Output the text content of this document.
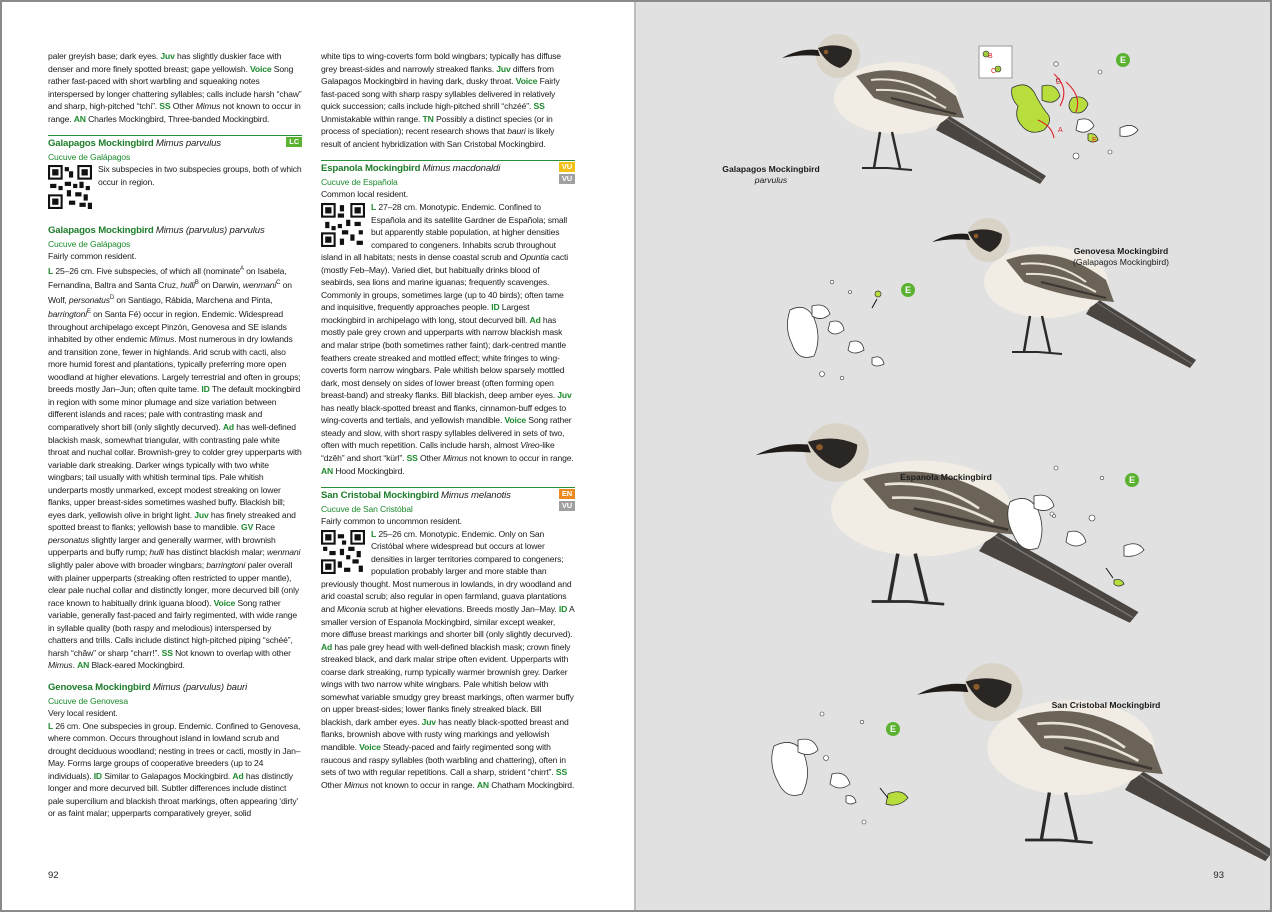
paler greyish base; dark eyes. Juv has slightly duskier face with denser and more finely spotted breast; gape yellowish. Voice Song rather fast-paced with short warbling and squeaking notes interspersed by longer chattering syllables; calls include harsh “chaw” and sharp, high-pitched “tchi”. SS Other Mimus not known to occur in range. AN Charles Mockingbird, Three-banded Mockingbird.

Galapagos Mockingbird Mimus parvulus	LC

Cucuve de Galápagos

Six subspecies in two subspecies groups, both of which occur in region.

Galapagos Mockingbird Mimus (parvulus) parvulus

Cucuve de Galápagos

Fairly common resident.

L 25–26 cm. Five subspecies, of which all (nominate$^A$ on Isabela, Fernandina, Baltra and Santa Cruz, hulli$^B$ on Darwin, wenmani$^C$ on Wolf, personatus$^D$ on Santiago, Rábida, Marchena and Pinta, barringtoni$^E$ on Santa Fé) occur in region. Endemic. Widespread throughout archipelago except Pinzón, Genovesa and SE islands inhabited by other endemic Mimus. Most numerous in dry lowlands and transition zone, fewer in highlands. Arid scrub with cacti, also more humid forest and plantations, typically preferring more open woodland at higher elevations. Largely terrestrial and often in groups; breeds mostly Jan–Jun; often quite tame. ID The default mockingbird in region with some minor plumage and size variation between different islands and races; pale with contrasting mask and comparatively short bill (only slightly decurved). Ad has well-defined blackish mask, somewhat triangular, with contrasting pale white throat and nuchal collar. Brownish-grey to colder grey upperparts with variable dark streaking. Darker wings typically with two white wingbars; tail usually with whitish terminal tips. Pale whitish underparts mostly unmarked, except modest streaking on lower flanks, upper breast-sides sometimes washed buffy. Blackish bill; eyes dark, yellowish olive in bright light. Juv has finely streaked and spotted breast to flanks; yellowish base to mandible. GV Race personatus slightly larger and generally warmer, with brownish upperparts and buffy rump; hulli has distinct blackish malar; wenmani slightly paler above with broader wingbars; barringtoni paler overall with plainer upperparts (streaking often restricted to upper mantle), clear pale nuchal collar and distinctly longer, more decurved bill (only race known to habitually drink iguana blood). Voice Song rather variable, generally fast-paced and fairly regimented, with wide range in syllable quality (both raspy and melodious) interspersed by chatters and trills. Calls include distinct high-pitched piping “schéé”, harsh “chăw” or sharp “charr!”. SS Not known to overlap with other Mimus. AN Black-eared Mockingbird.

Genovesa Mockingbird Mimus (parvulus) bauri

Cucuve de Genovesa

Very local resident.

L 26 cm. One subspecies in group. Endemic. Confined to Genovesa, where common. Occurs throughout island in lowland scrub and drought deciduous woodland; nesting in trees or cacti, mostly in Jan–May. Forms large groups of cooperative breeders (up to 24 individuals). ID Similar to Galapagos Mockingbird. Ad has distinctly longer and more decurved bill. Subtler differences include distinct pale supercilium and blackish throat markings, often appearing ‘dirty’ or as faint malar; upperparts comparatively greyer, solid

white tips to wing-coverts form bold wingbars; typically has diffuse grey breast-sides and narrowly streaked flanks. Juv differs from Galapagos Mockingbird in having dark, dusky throat. Voice Fairly fast-paced song with sharp raspy syllables delivered in relatively quick succession; calls include high-pitched shrill “chzéé”. SS Unmistakable within range. TN Possibly a distinct species (or in process of speciation); recent research shows that bauri is likely result of ancient hybridization with San Cristobal Mockingbird.

Espanola Mockingbird Mimus macdonaldi	VU
VU

Cucuve de Española

Common local resident.

L 27–28 cm. Monotypic. Endemic. Confined to Española and its satellite Gardner de Española; small but apparently stable population, at higher densities compared to congeners. Inhabits scrub throughout island in all habitats; nests in dense coastal scrub and Opuntia cacti (mostly Feb–May). Varied diet, but habitually drinks blood of seabirds, sea lions and marine iguanas; frequently scavenges. Commonly in groups, sometimes large (up to 40 birds); often tame and inquisitive, frequently approaches people. ID Largest mockingbird in archipelago with long, stout decurved bill. Ad has mostly pale grey crown and upperparts with narrow blackish mask and malar stripe (both sometimes rather faint); dark-centred mantle feathers create streaked and mottled effect; white fringes to wing-coverts form narrow wingbars. Pale whitish below sparsely mottled dark, most densely on sides of lower breast (often forming open breast-band) and streaky flanks. Bill blackish, deep amber eyes. Juv has neatly black-spotted breast and flanks, cinnamon-buff edges to wing-coverts and tertials, and yellowish mandible. Voice Song rather steady and slow, with short raspy syllables delivered in sets of two, often with much repetition. Calls include harsh, almost Vireo-like “dzěh” and short “kürl”. SS Other Mimus not known to occur in range. AN Hood Mockingbird.

San Cristobal Mockingbird Mimus melanotis	EN
VU

Cucuve de San Cristóbal

Fairly common to uncommon resident.

L 25–26 cm. Monotypic. Endemic. Only on San Cristóbal where widespread but occurs at lower densities in larger territories compared to congeners; population probably larger and more stable than previously thought. Most numerous in lowlands, in dry woodland and arid coastal scrub; also regular in open farmland, guava plantations and Miconia scrub at higher elevations. Breeds mostly Jan–May. ID A smaller version of Espanola Mockingbird, similar except weaker, more diffuse breast markings and shorter bill (only slightly decurved). Ad has pale grey head with well-defined blackish mask; crown finely streaked black, and dark malar stripe often evident. Upperparts with coarse dark streaking, rump typically warmer brownish grey. Darker wings with two narrow white wingbars. Pale whitish below with somewhat variable smudgy grey breast markings, often warmer buffy on upper breast-sides; lower flanks finely streaked black. Bill blackish, dark amber eyes. Juv has neatly black-spotted breast and flanks, brownish above with rusty wing markings and yellowish mandible. Voice Steady-paced and fairly regimented song with raucous and raspy syllables (both warbling and chattering), often in sets of two with regular repetitions. Call a sharp, strident “chirrt”. SS Other Mimus not known to occur in range. AN Chatham Mockingbird.

92
B
C
D
A
E
Galapagos Mockingbird
parvulus
Genovesa Mockingbird
(Galapagos Mockingbird)
Espanola Mockingbird
San Cristobal Mockingbird
E
E
E
E
93
